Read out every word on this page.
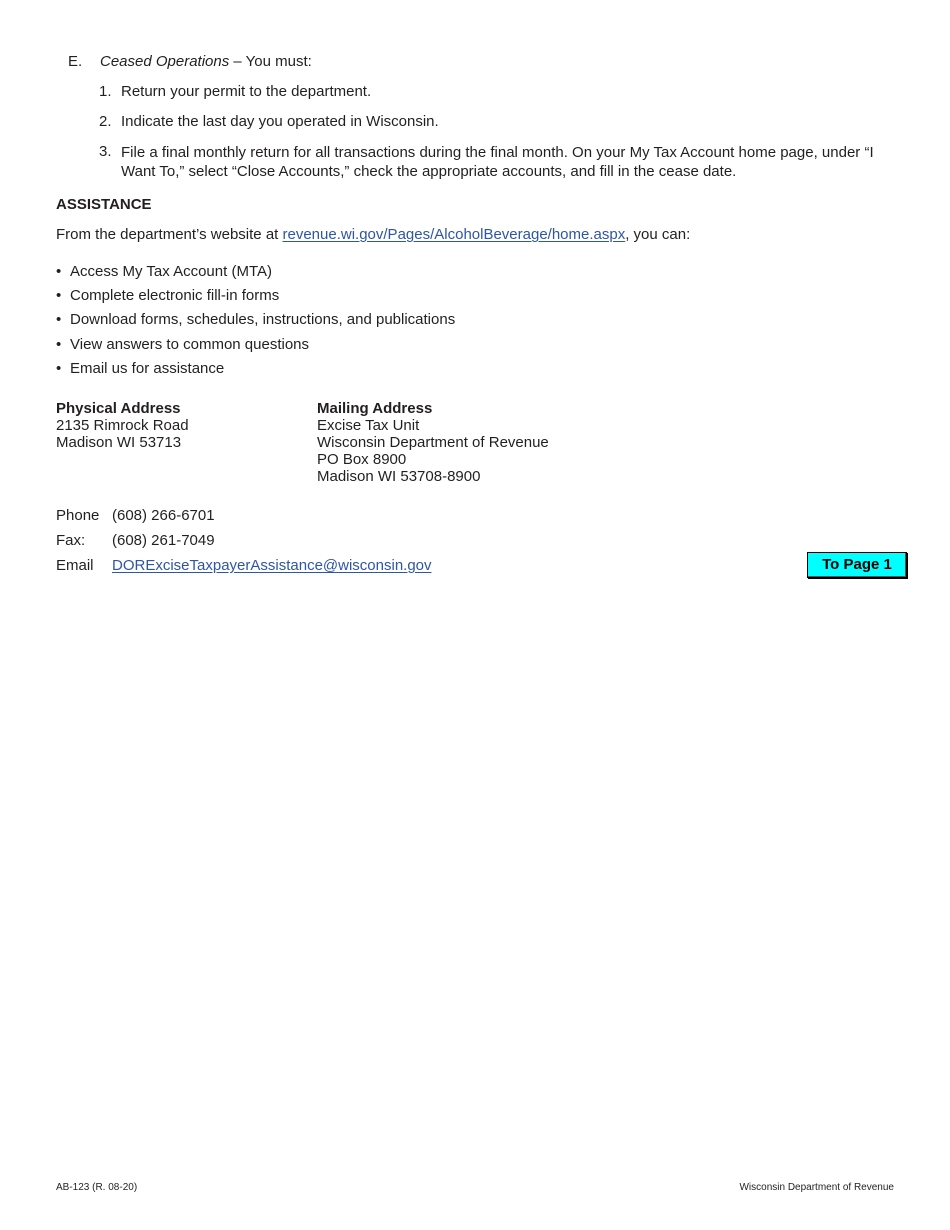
E. Ceased Operations – You must:
1. Return your permit to the department.
2. Indicate the last day you operated in Wisconsin.
3. File a final monthly return for all transactions during the final month. On your My Tax Account home page, under “I Want To,” select “Close Accounts,” check the appropriate accounts, and fill in the cease date.
ASSISTANCE
From the department’s website at revenue.wi.gov/Pages/AlcoholBeverage/home.aspx, you can:
• Access My Tax Account (MTA)
• Complete electronic fill-in forms
• Download forms, schedules, instructions, and publications
• View answers to common questions
• Email us for assistance
Physical Address
2135 Rimrock Road
Madison WI 53713
Mailing Address
Excise Tax Unit
Wisconsin Department of Revenue
PO Box 8900
Madison WI 53708-8900
Phone (608) 266-6701
Fax: (608) 261-7049
Email DORExciseTaxpayerAssistance@wisconsin.gov	To Page 1
AB-123 (R. 08-20)	Wisconsin Department of Revenue
